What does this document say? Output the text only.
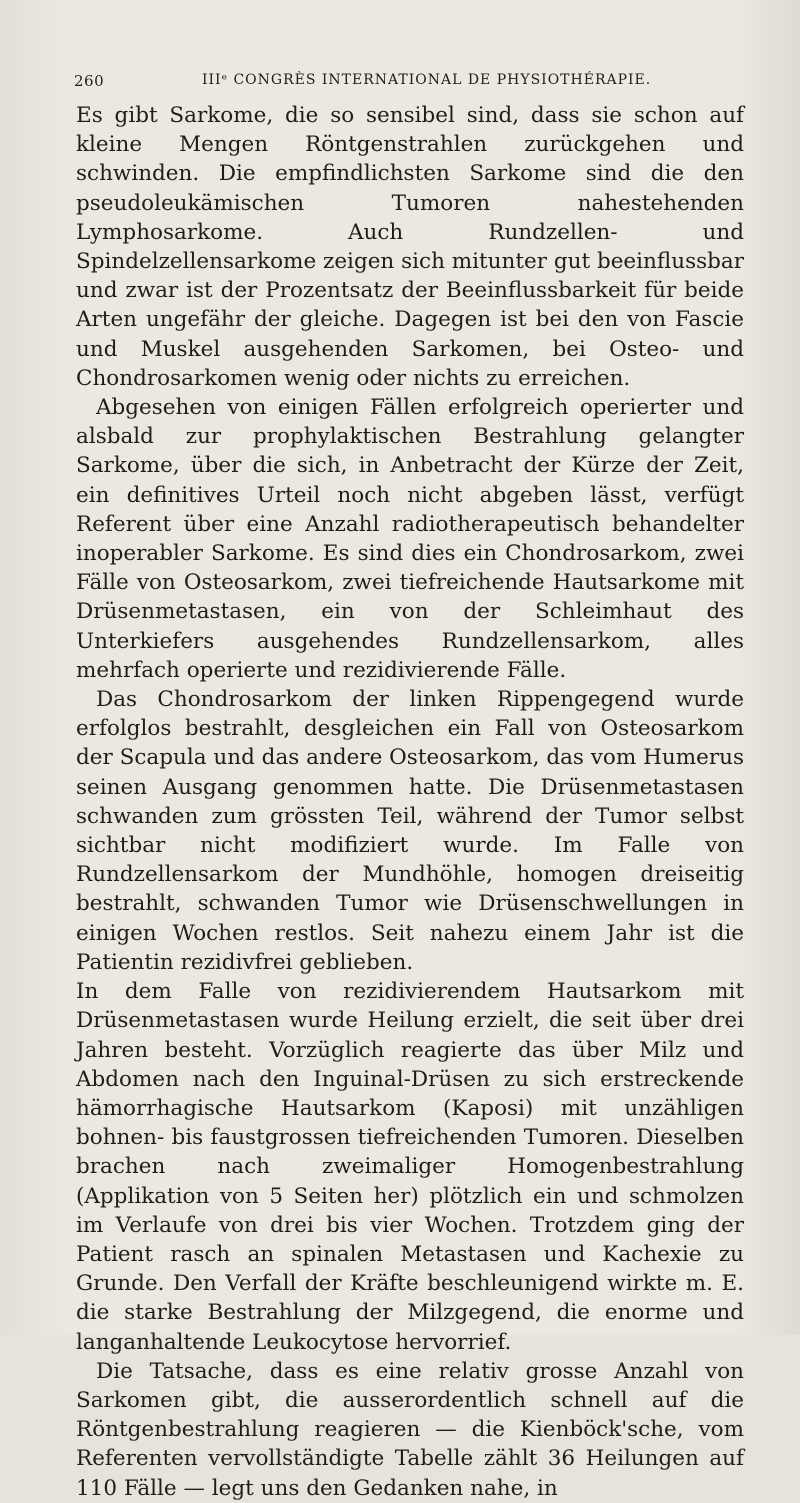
260	IIIᵉ CONGRÈS INTERNATIONAL DE PHYSIOTHÉRAPIE.

Es gibt Sarkome, die so sensibel sind, dass sie schon auf kleine Mengen Röntgenstrahlen zurückgehen und schwinden. Die empfindlichsten Sarkome sind die den pseudoleukämischen Tumoren nahestehenden Lymphosarkome. Auch Rundzellen- und Spindelzellensarkome zeigen sich mitunter gut beeinflussbar und zwar ist der Prozentsatz der Beeinflussbarkeit für beide Arten ungefähr der gleiche. Dagegen ist bei den von Fascie und Muskel ausgehenden Sarkomen, bei Osteo- und Chondrosarkomen wenig oder nichts zu erreichen.

Abgesehen von einigen Fällen erfolgreich operierter und alsbald zur prophylaktischen Bestrahlung gelangter Sarkome, über die sich, in Anbetracht der Kürze der Zeit, ein definitives Urteil noch nicht abgeben lässt, verfügt Referent über eine Anzahl radiotherapeutisch behandelter inoperabler Sarkome. Es sind dies ein Chondrosarkom, zwei Fälle von Osteosarkom, zwei tiefreichende Hautsarkome mit Drüsenmetastasen, ein von der Schleimhaut des Unterkiefers ausgehendes Rundzellensarkom, alles mehrfach operierte und rezidivierende Fälle.

Das Chondrosarkom der linken Rippengegend wurde erfolglos bestrahlt, desgleichen ein Fall von Osteosarkom der Scapula und das andere Osteosarkom, das vom Humerus seinen Ausgang genommen hatte. Die Drüsenmetastasen schwanden zum grössten Teil, während der Tumor selbst sichtbar nicht modifiziert wurde. Im Falle von Rundzellensarkom der Mundhöhle, homogen dreiseitig bestrahlt, schwanden Tumor wie Drüsenschwellungen in einigen Wochen restlos. Seit nahezu einem Jahr ist die Patientin rezidivfrei geblieben.

In dem Falle von rezidivierendem Hautsarkom mit Drüsenmetastasen wurde Heilung erzielt, die seit über drei Jahren besteht. Vorzüglich reagierte das über Milz und Abdomen nach den Inguinal-Drüsen zu sich erstreckende hämorrhagische Hautsarkom (Kaposi) mit unzähligen bohnen- bis faustgrossen tiefreichenden Tumoren. Dieselben brachen nach zweimaliger Homogenbestrahlung (Applikation von 5 Seiten her) plötzlich ein und schmolzen im Verlaufe von drei bis vier Wochen. Trotzdem ging der Patient rasch an spinalen Metastasen und Kachexie zu Grunde. Den Verfall der Kräfte beschleunigend wirkte m. E. die starke Bestrahlung der Milzgegend, die enorme und langanhaltende Leukocytose hervorrief.

Die Tatsache, dass es eine relativ grosse Anzahl von Sarkomen gibt, die ausserordentlich schnell auf die Röntgenbestrahlung reagieren — die Kienböck'sche, vom Referenten vervollständigte Tabelle zählt 36 Heilungen auf 110 Fälle — legt uns den Gedanken nahe, in
